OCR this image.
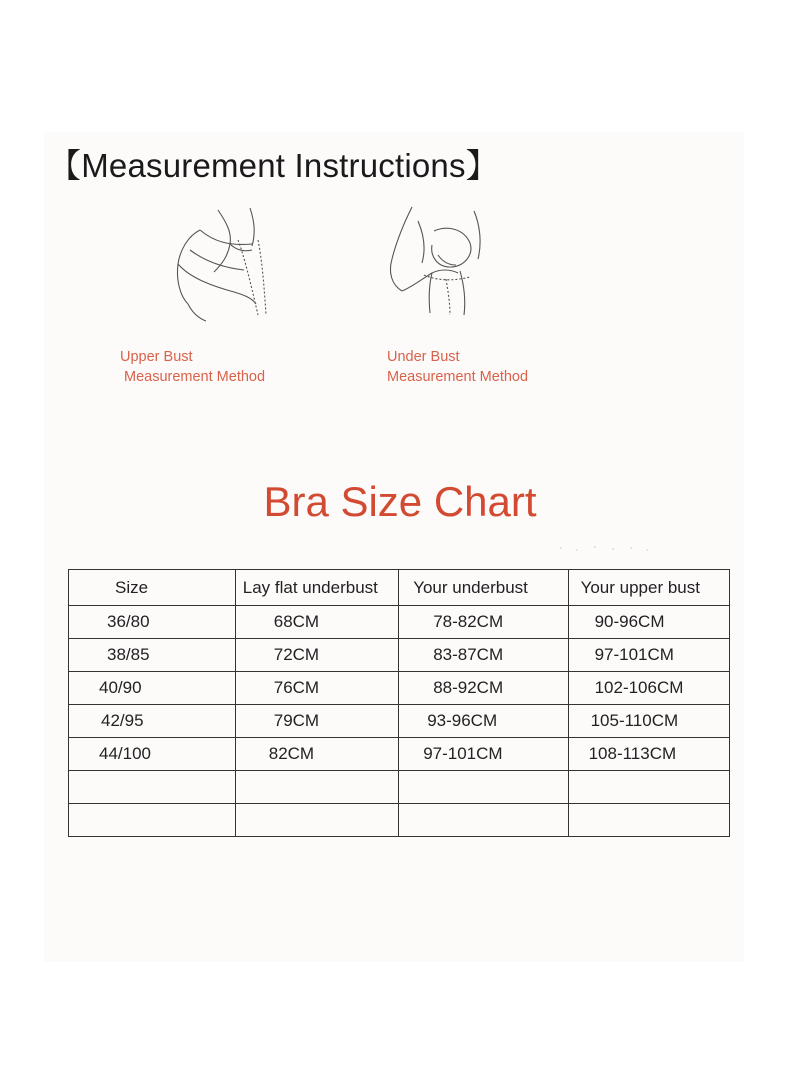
【Measurement Instructions】
Upper Bust
Measurement Method
Under Bust
Measurement Method
Bra Size Chart
Size	Lay flat underbust	Your underbust	Your upper bust
36/80	68CM	78-82CM	90-96CM
38/85	72CM	83-87CM	97-101CM
40/90	76CM	88-92CM	102-106CM
42/95	79CM	93-96CM	105-110CM
44/100	82CM	97-101CM	108-113CM
